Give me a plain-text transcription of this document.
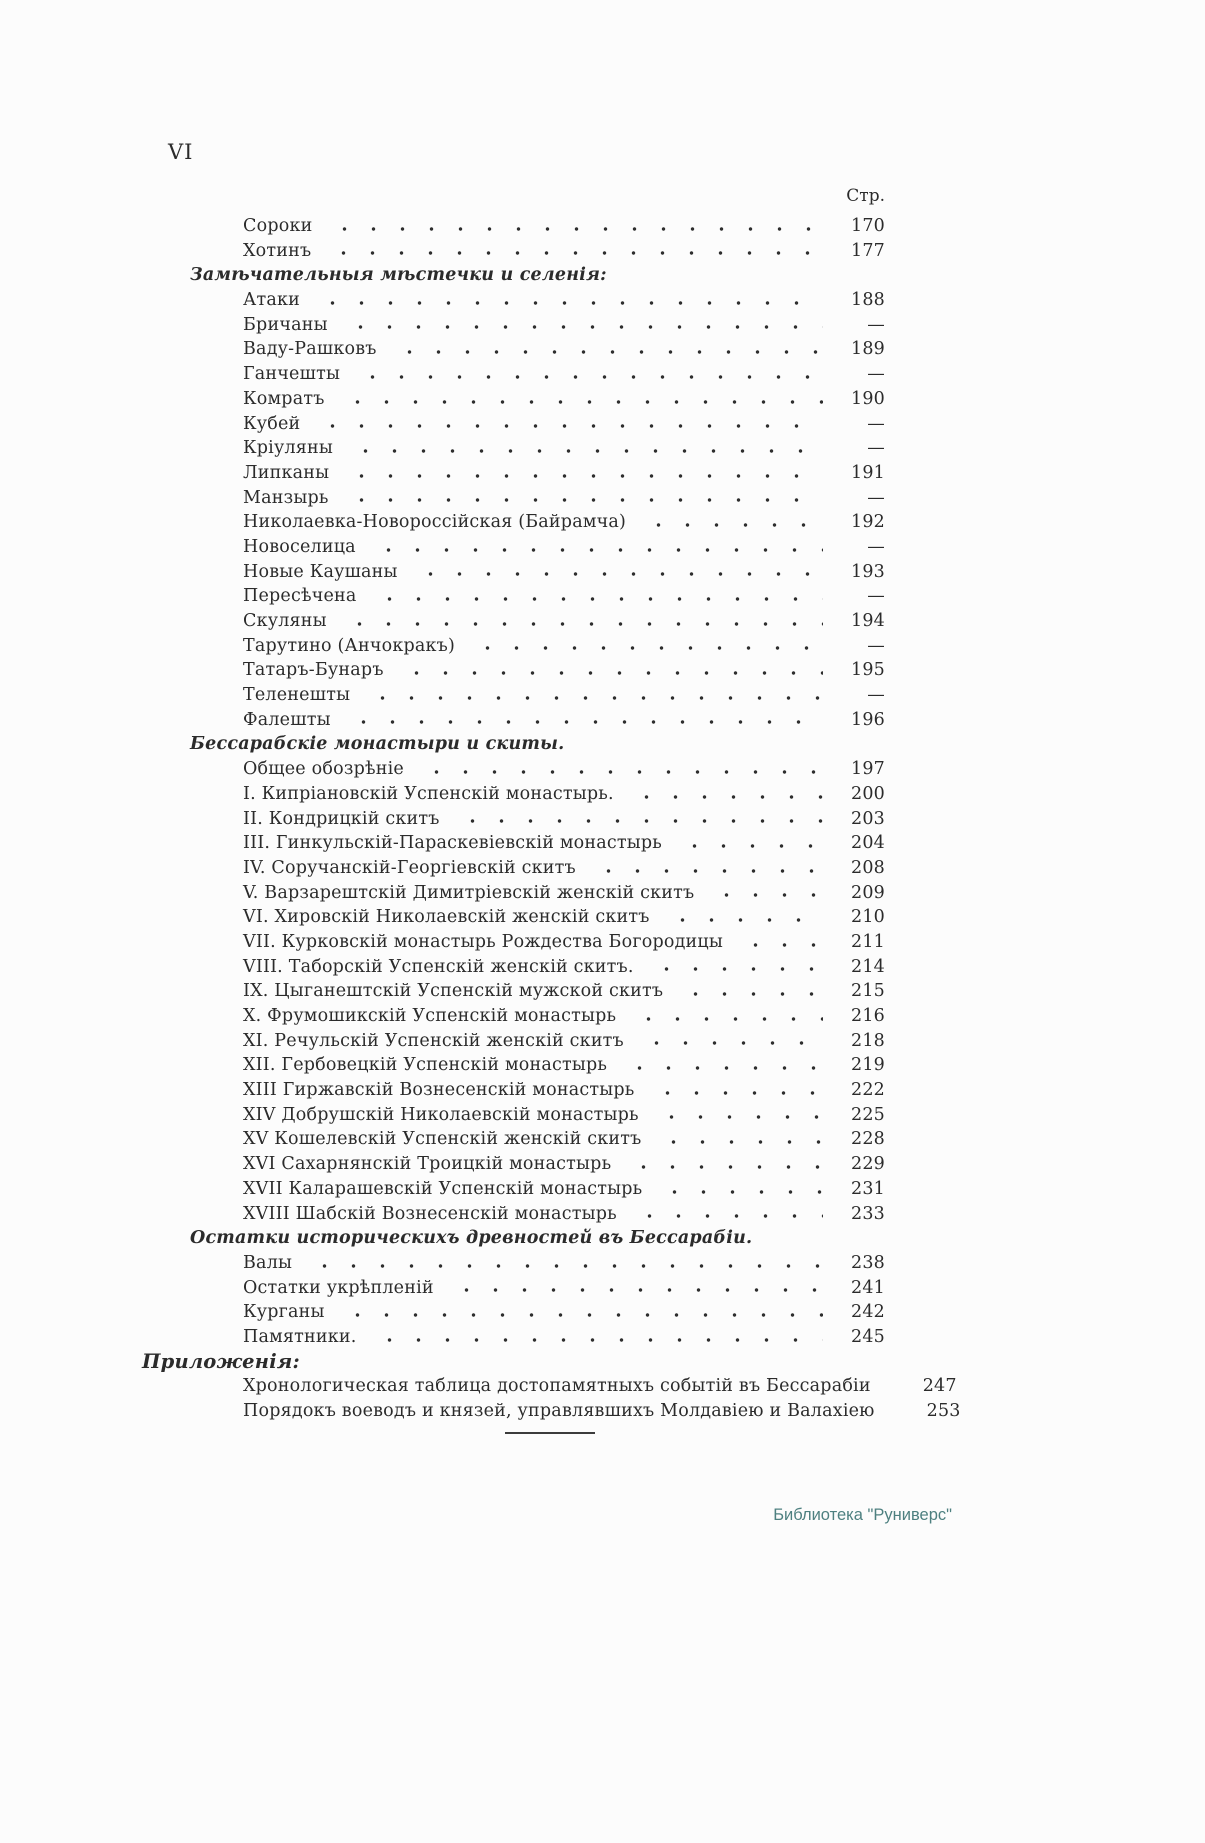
VI
Стр.
Сороки	170
Хотинъ	177
Замѣчательныя мѣстечки и селенія:
Атаки	188
Бричаны	—
Ваду-Рашковъ	189
Ганчешты	—
Комратъ	190
Кубей	—
Кріуляны	—
Липканы	191
Манзырь	—
Николаевка-Новороссійская (Байрамча)	192
Новоселица	—
Новые Каушаны	193
Пересѣчена	—
Скуляны	194
Тарутино (Анчокракъ)	—
Татаръ-Бунаръ	195
Теленешты	—
Фалешты	196
Бессарабскіе монастыри и скиты.
Общее обозрѣніе	197
I. Кипріановскій Успенскій монастырь.	200
II. Кондрицкій скитъ	203
III. Гинкульскій-Параскевіевскій монастырь	204
IV. Соручанскій-Георгіевскій скитъ	208
V. Варзарештскій Димитріевскій женскій скитъ	209
VI. Хировскій Николаевскій женскій скитъ	210
VII. Курковскій монастырь Рождества Богородицы	211
VIII. Таборскій Успенскій женскій скитъ.	214
IX. Цыганештскій Успенскій мужской скитъ	215
X. Фрумошикскій Успенскій монастырь	216
XI. Речульскій Успенскій женскій скитъ	218
XII. Гербовецкій Успенскій монастырь	219
XIII Гиржавскій Вознесенскій монастырь	222
XIV Добрушскій Николаевскій монастырь	225
XV Кошелевскій Успенскій женскій скитъ	228
XVI Сахарнянскій Троицкій монастырь	229
XVII Каларашевскій Успенскій монастырь	231
XVIII Шабскій Вознесенскій монастырь	233
Остатки историческихъ древностей въ Бессарабіи.
Валы	238
Остатки укрѣпленій	241
Курганы	242
Памятники.	245
Приложенія:
Хронологическая таблица достопамятныхъ событій въ Бессарабіи	247
Порядокъ воеводъ и князей, управлявшихъ Молдавіею и Валахіею	253
Библиотека "Руниверс"
